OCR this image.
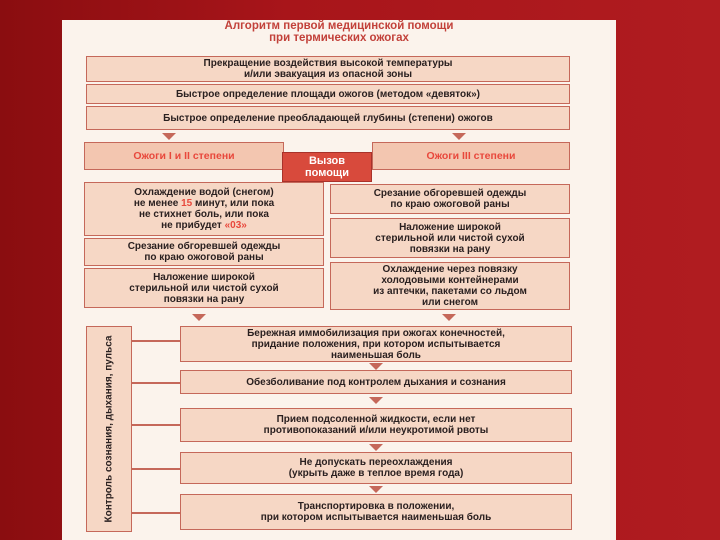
Алгоритм первой медицинской помощи
при термических ожогах
Прекращение воздействия высокой температуры
и/или эвакуация из опасной зоны
Быстрое определение площади ожогов (методом «девяток»)
Быстрое определение преобладающей глубины (степени) ожогов
Ожоги I и II степени	Ожоги III степени
Вызов
помощи
Охлаждение водой (снегом)
не менее 15 минут, или пока
не стихнет боль, или пока
не прибудет «03»
Срезание обгоревшей одежды
по краю ожоговой раны
Наложение широкой
стерильной или чистой сухой
повязки на рану
Срезание обгоревшей одежды
по краю ожоговой раны
Наложение широкой
стерильной или чистой сухой
повязки на рану
Охлаждение через повязку
холодовыми контейнерами
из аптечки, пакетами со льдом
или снегом
Контроль сознания, дыхания, пульса
Бережная иммобилизация при ожогах конечностей,
придание положения, при котором испытывается
наименьшая боль
Обезболивание под контролем дыхания и сознания
Прием подсоленной жидкости, если нет
противопоказаний и/или неукротимой рвоты
Не допускать переохлаждения
(укрыть даже в теплое время года)
Транспортировка в положении,
при котором испытывается наименьшая боль
